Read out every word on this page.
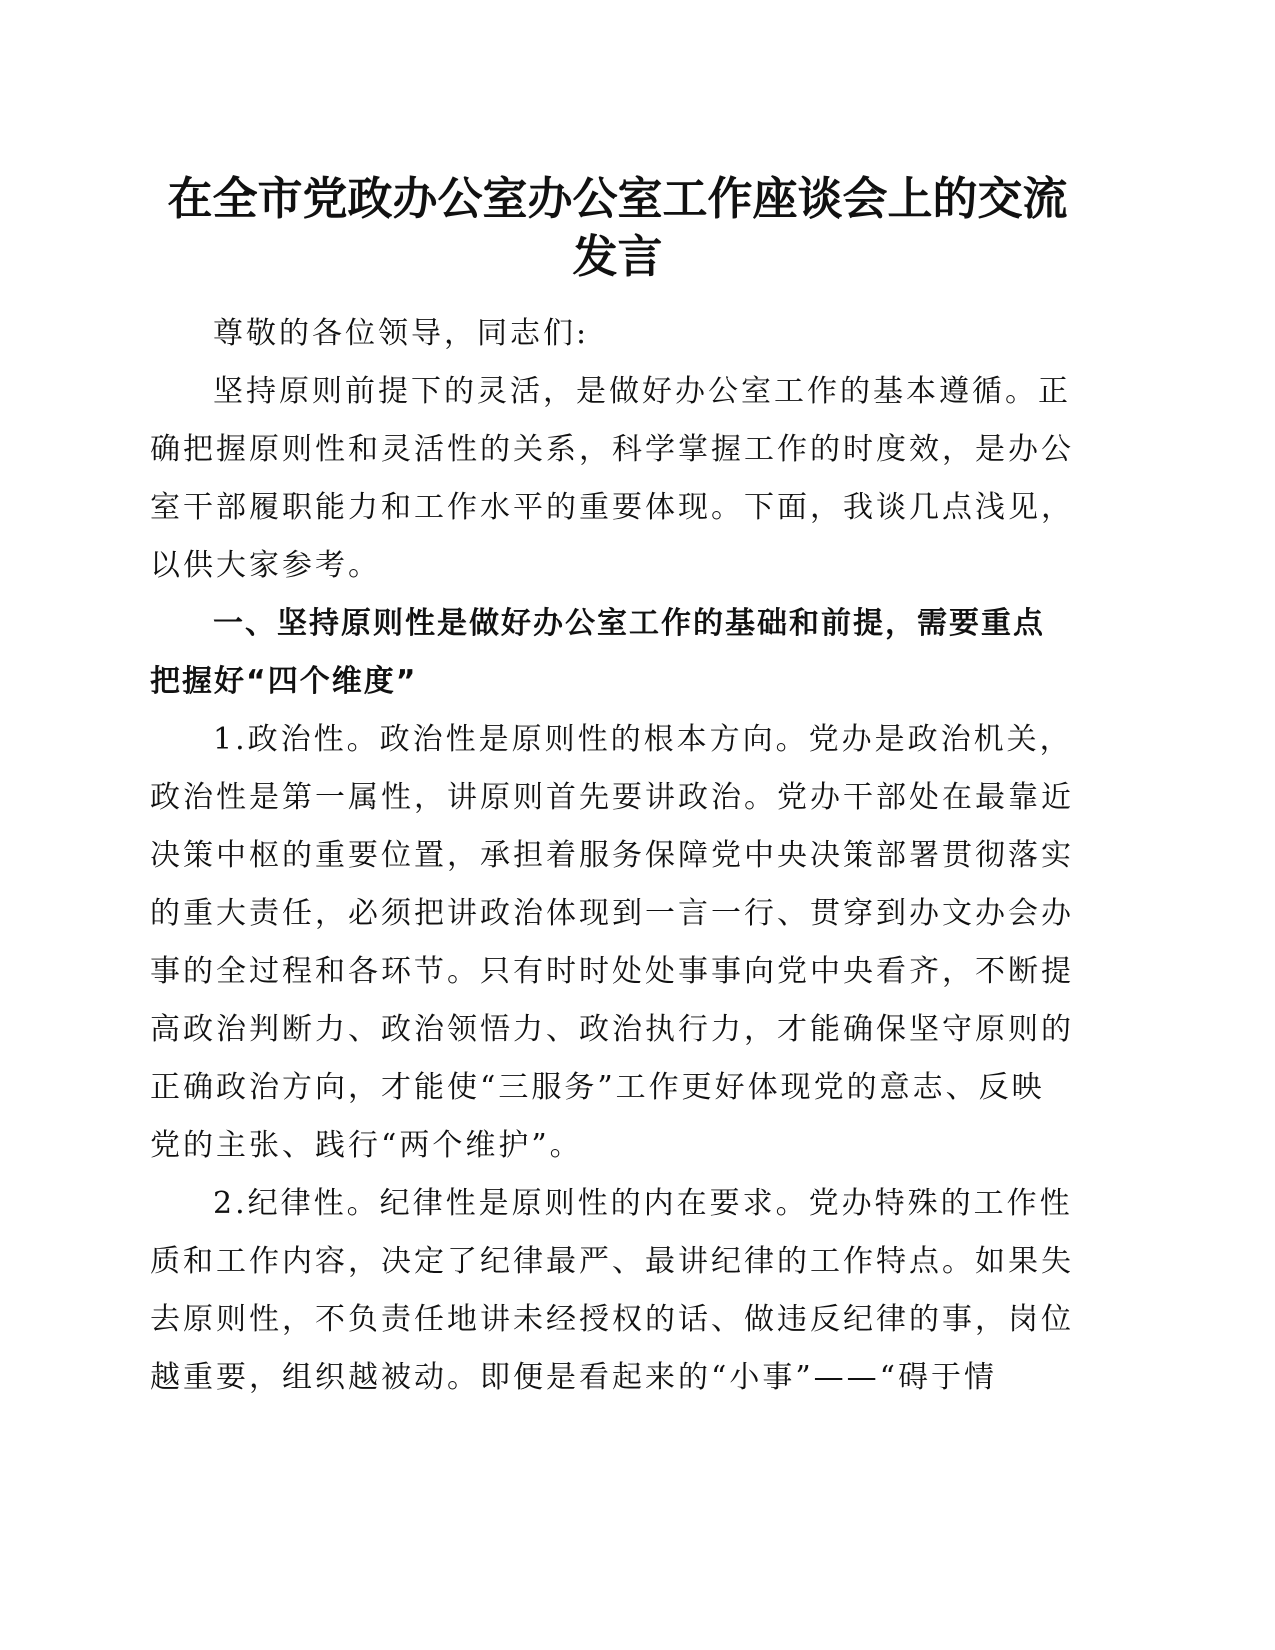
在全市党政办公室办公室工作座谈会上的交流
发言

尊敬的各位领导，同志们:

坚持原则前提下的灵活，是做好办公室工作的基本遵循。正
确把握原则性和灵活性的关系，科学掌握工作的时度效，是办公
室干部履职能力和工作水平的重要体现。下面，我谈几点浅见，
以供大家参考。

一、坚持原则性是做好办公室工作的基础和前提，需要重点
把握好“四个维度”

1.政治性。政治性是原则性的根本方向。党办是政治机关，
政治性是第一属性，讲原则首先要讲政治。党办干部处在最靠近
决策中枢的重要位置，承担着服务保障党中央决策部署贯彻落实
的重大责任，必须把讲政治体现到一言一行、贯穿到办文办会办
事的全过程和各环节。只有时时处处事事向党中央看齐，不断提
高政治判断力、政治领悟力、政治执行力，才能确保坚守原则的
正确政治方向，才能使“三服务”工作更好体现党的意志、反映
党的主张、践行“两个维护”。

2.纪律性。纪律性是原则性的内在要求。党办特殊的工作性
质和工作内容，决定了纪律最严、最讲纪律的工作特点。如果失
去原则性，不负责任地讲未经授权的话、做违反纪律的事，岗位
越重要，组织越被动。即便是看起来的“小事”——“碍于情
